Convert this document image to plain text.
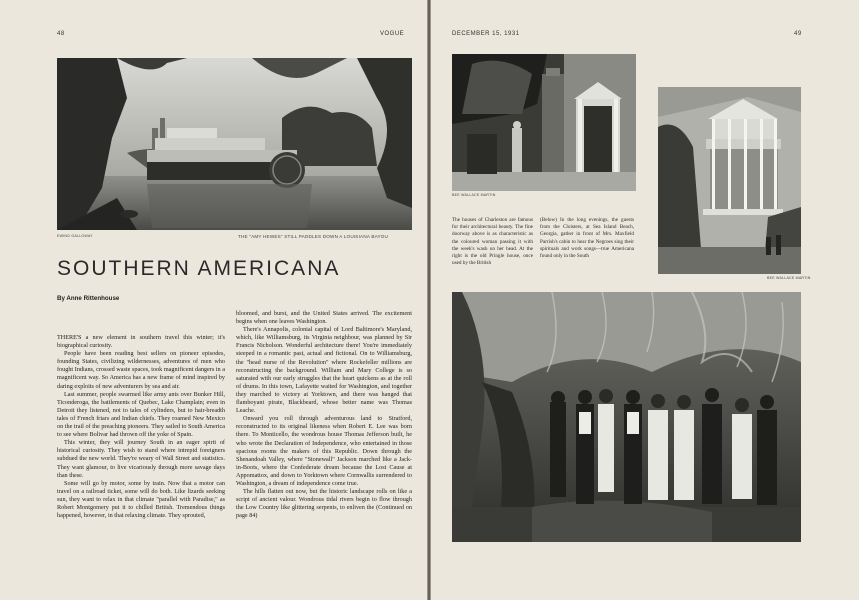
48	VOGUE
EWING GALLOWAY	THE "AMY HEWES" STILL PADDLES DOWN A LOUISIANA BAYOU
SOUTHERN AMERICANA
By Anne Rittenhouse

THERE'S a new element in southern travel this winter; it's biographical curiosity.

People have been reading best sellers on pioneer episodes, founding States, civilizing wildernesses, adventures of men who fought Indians, crossed waste spaces, took magnificent dangers in a magnificent way. So America has a new frame of mind inspired by daring exploits of new adventurers by sea and air.

Last summer, people swarmed like army ants over Bunker Hill, Ticonderoga, the battlements of Quebec, Lake Champlain; even in Detroit they listened, not to tales of cylinders, but to hair-breadth tales of French friars and Indian chiefs. They roamed New Mexico on the trail of the preaching pioneers. They sailed to South America to see where Bolivar had thrown off the yoke of Spain.

This winter, they will journey South in an eager spirit of historical curiosity. They wish to stand where intrepid foreigners subdued the new world. They're weary of Wall Street and statistics. They want glamour, to live vicariously through more savage days than these.

Some will go by motor, some by train. Now that a motor can travel on a railroad ticket, some will do both. Like lizards seeking sun, they want to relax in that climate "parallel with Paradise," as Robert Montgomery put it to chilled British. Tremendous things happened, however, in that relaxing climate. They sprouted,

bloomed, and burst, and the United States arrived. The excitement begins when one leaves Washington.

There's Annapolis, colonial capital of Lord Baltimore's Maryland, which, like Williamsburg, its Virginia neighbour, was planned by Sir Francis Nicholson. Wonderful architecture there! You're immediately steeped in a romantic past, actual and fictional. On to Williamsburg, the "head nurse of the Revolution" where Rockefeller millions are reconstructing the background. William and Mary College is so saturated with our early struggles that the heart quickens as at the roll of drums. In this town, Lafayette waited for Washington, and together they marched to victory at Yorktown, and there was hanged that flamboyant pirate, Blackbeard, whose better name was Thomas Leache.

Onward you roll through adventurous land to Stratford, reconstructed to its original likeness when Robert E. Lee was born there. To Monticello, the wondrous house Thomas Jefferson built, he who wrote the Declaration of Independence, who entertained in those spacious rooms the makers of this Republic. Down through the Shenandoah Valley, where "Stonewall" Jackson marched like a Jack-in-Boots, where the Confederate dream because the Lost Cause at Appomattox, and down to Yorktown where Cornwallis surrendered to Washington, a dream of independence come true.

The hills flatten out now, but the historic landscape rolls on like a script of ancient valour. Wondrous tidal rivers begin to flow through the Low Country like glittering serpents, to enliven the (Continued on page 84)

DECEMBER 15, 1931	49
BEE WALLACE MARTIN
BEE WALLACE MARTIN
The houses of Charleston are famous for their architectural beauty. The fine doorway above is as characteristic as the coloured woman passing it with the week's wash on her head. At the right is the old Pringle house, once used by the British
(Below) In the long evenings, the guests from the Cloisters, at Sea Island Beach, Georgia, gather in front of Mrs. Maxfield Parrish's cabin to hear the Negroes sing their spirituals and work songs—true Americana found only in the South
